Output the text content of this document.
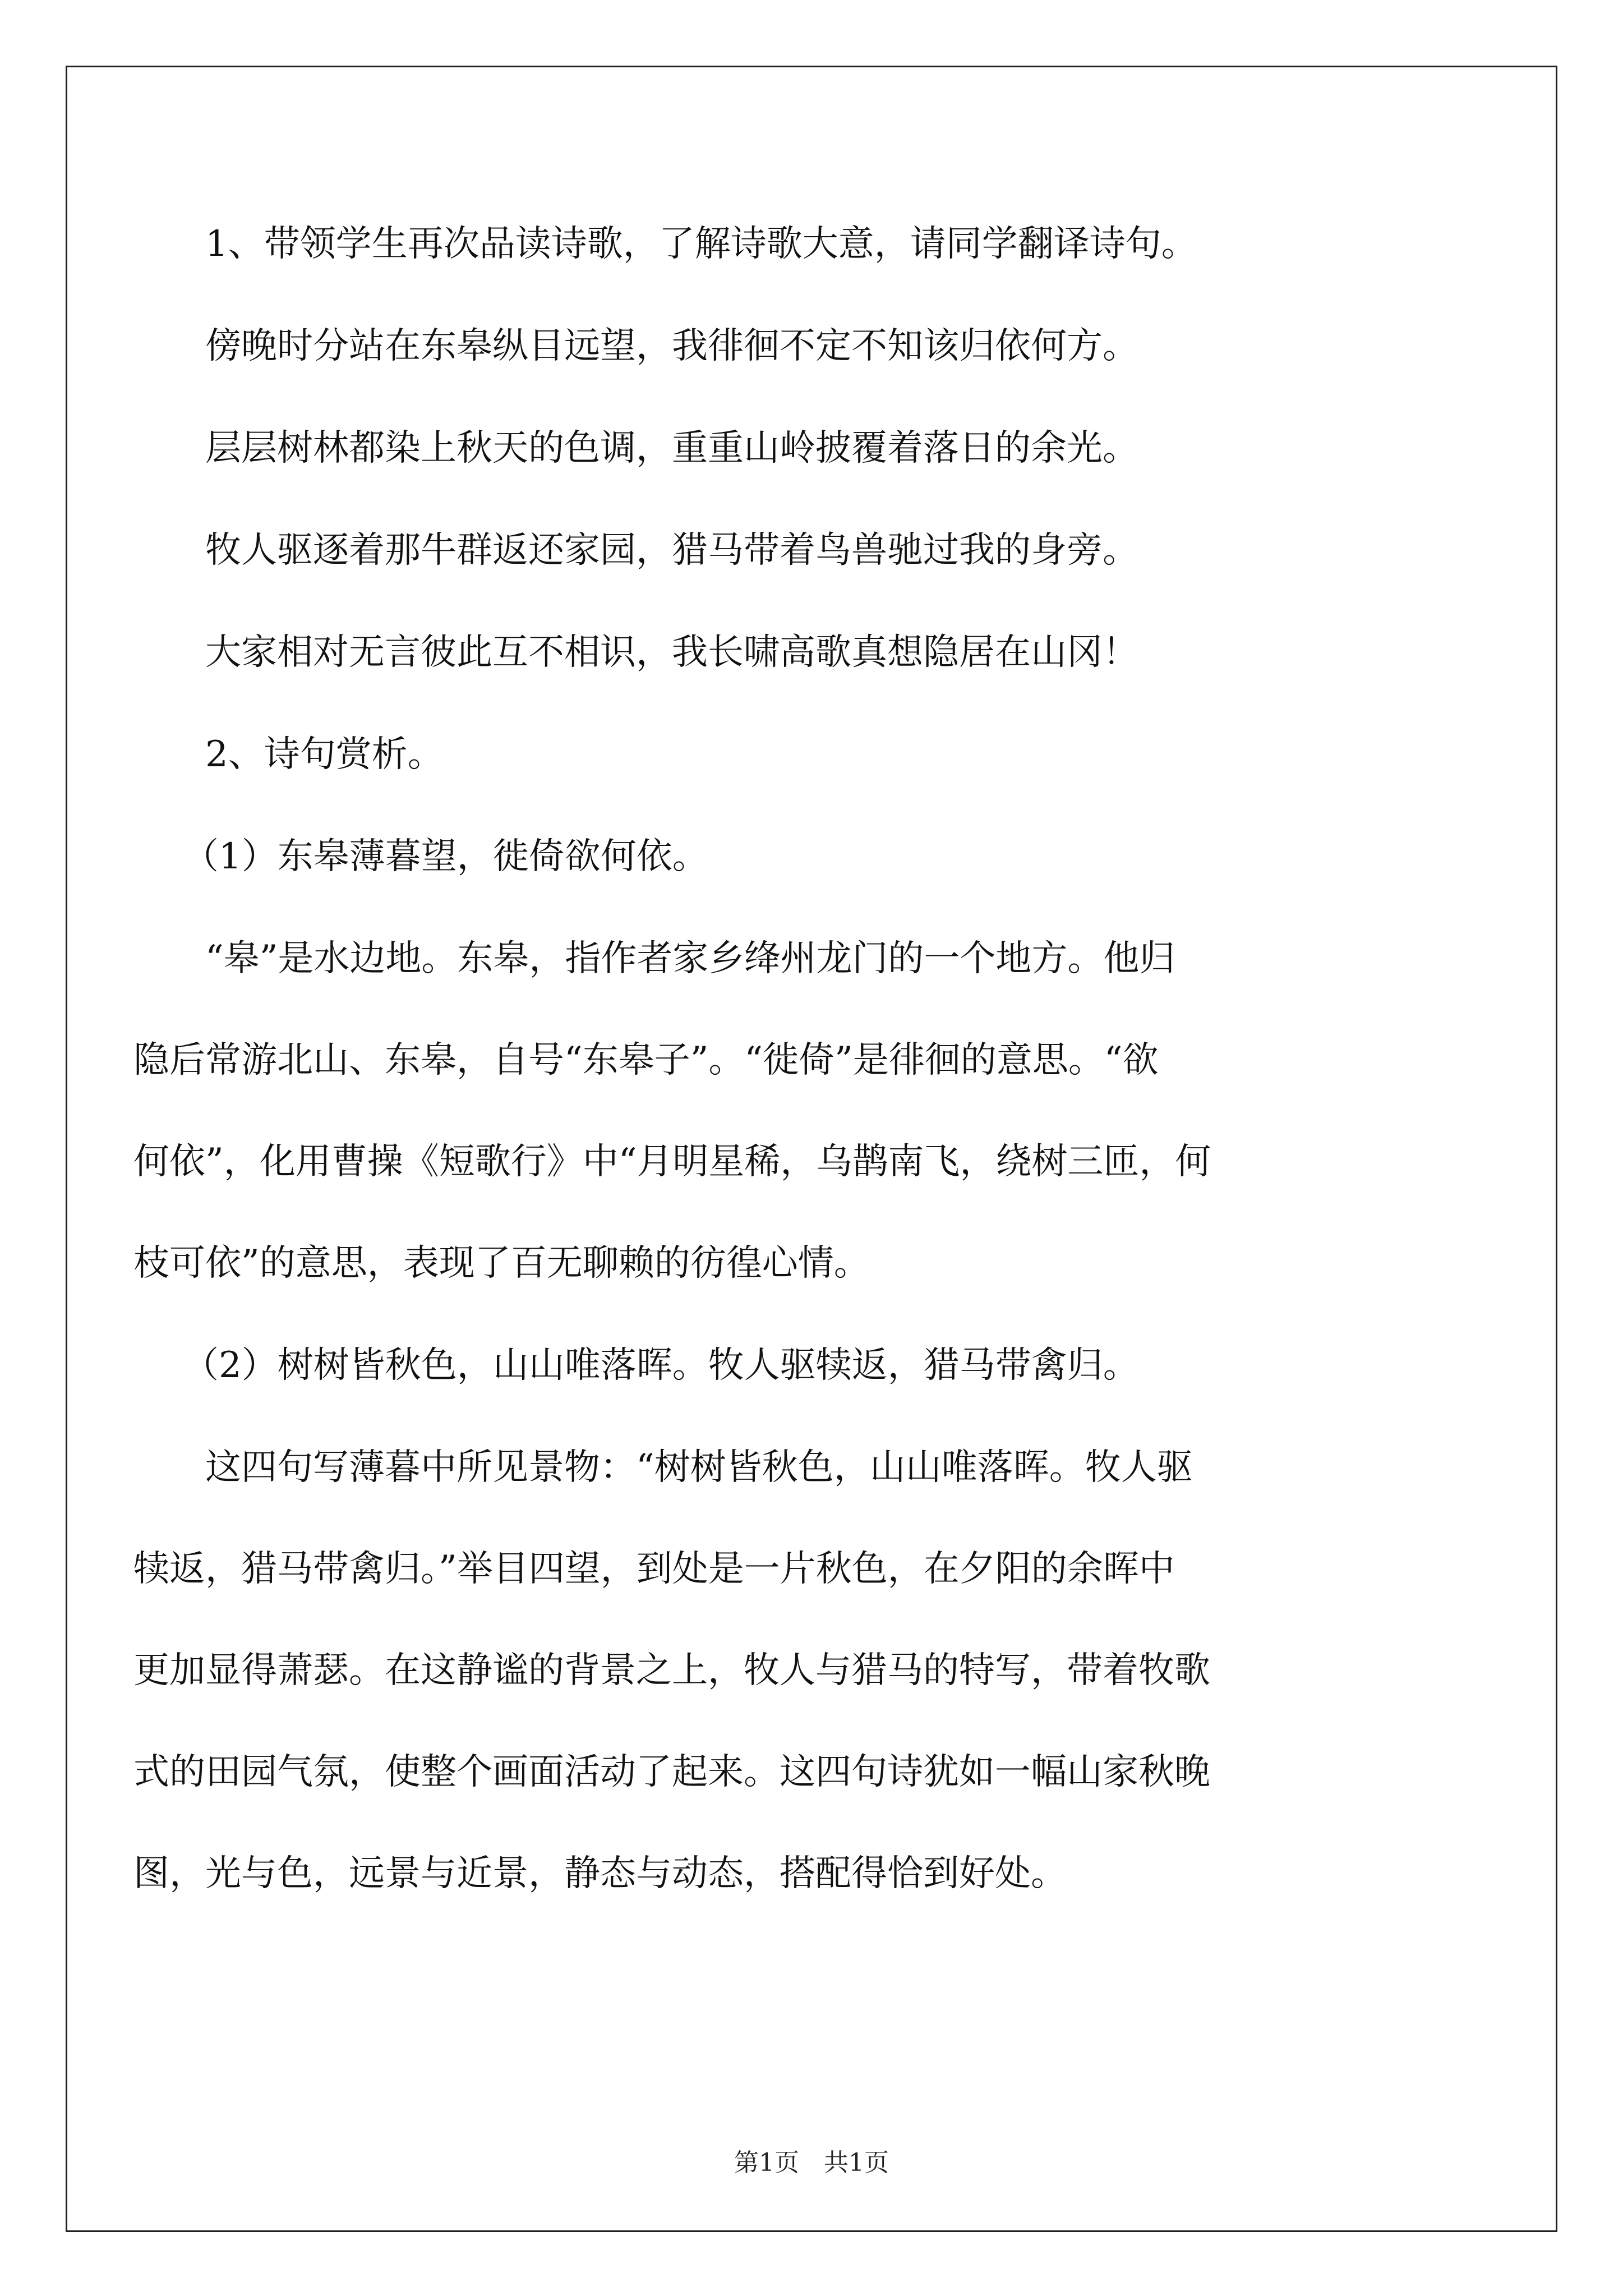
1、带领学生再次品读诗歌，了解诗歌大意，请同学翻译诗句。

傍晚时分站在东皋纵目远望，我徘徊不定不知该归依何方。

层层树林都染上秋天的色调，重重山岭披覆着落日的余光。

牧人驱逐着那牛群返还家园，猎马带着鸟兽驰过我的身旁。

大家相对无言彼此互不相识，我长啸高歌真想隐居在山冈！

2、诗句赏析。

（1）东皋薄暮望，徙倚欲何依。

“皋”是水边地。东皋，指作者家乡绛州龙门的一个地方。他归

隐后常游北山、东皋，自号“东皋子”。“徙倚”是徘徊的意思。“欲

何依”，化用曹操《短歌行》中“月明星稀，乌鹊南飞，绕树三匝，何

枝可依”的意思，表现了百无聊赖的彷徨心情。

（2）树树皆秋色，山山唯落晖。牧人驱犊返，猎马带禽归。

这四句写薄暮中所见景物：“树树皆秋色，山山唯落晖。牧人驱

犊返，猎马带禽归。”举目四望，到处是一片秋色，在夕阳的余晖中

更加显得萧瑟。在这静谧的背景之上，牧人与猎马的特写，带着牧歌

式的田园气氛，使整个画面活动了起来。这四句诗犹如一幅山家秋晚

图，光与色，远景与近景，静态与动态，搭配得恰到好处。

第1页 共1页
